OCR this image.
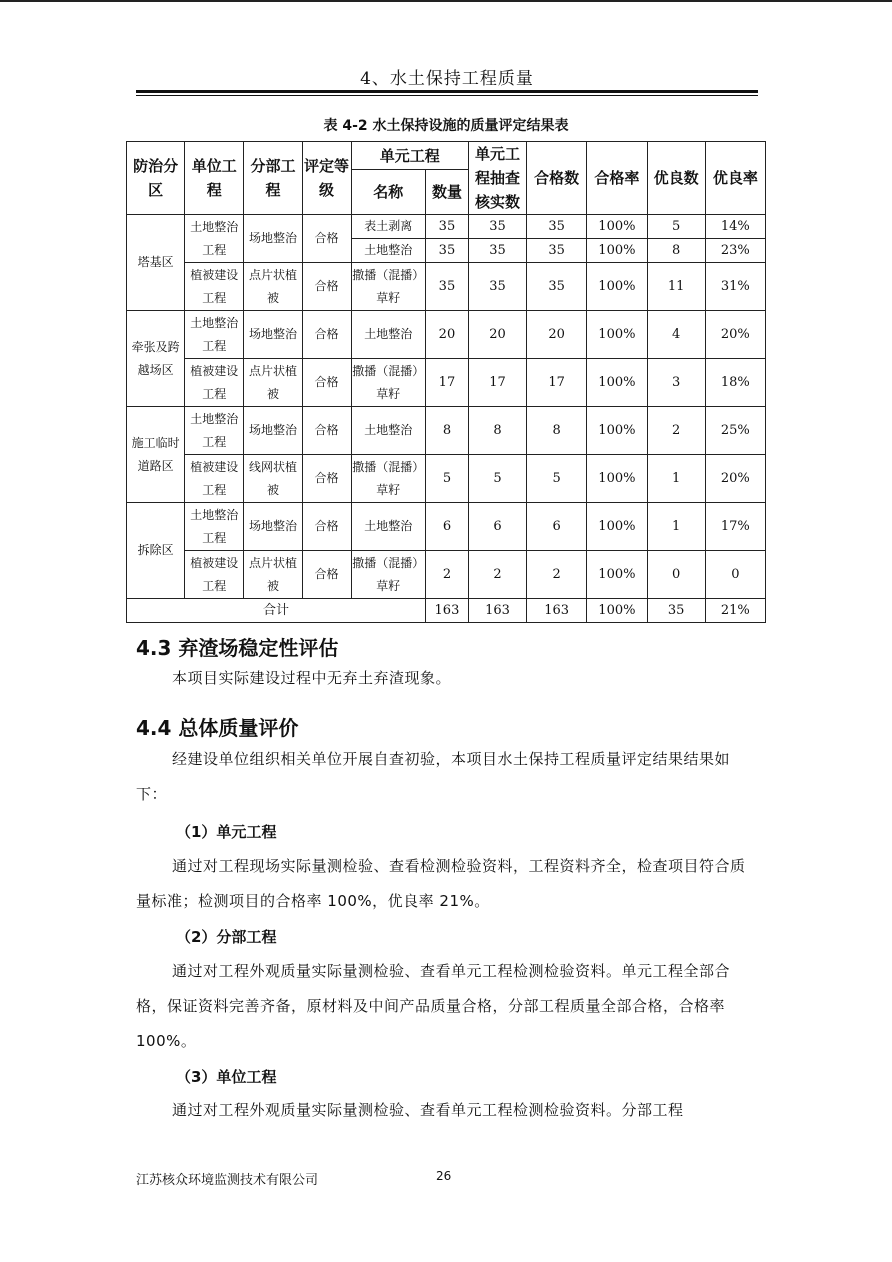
4、水土保持工程质量
表 4-2 水土保持设施的质量评定结果表
防治分区	单位工程	分部工程	评定等级	单元工程		单元工程抽查核实数	合格数	合格率	优良数	优良率
				名称	数量					
塔基区	土地整治工程	场地整治	合格	表土剥离	35	35	35	100%	5	14%
				土地整治	35	35	35	100%	8	23%
	植被建设工程	点片状植被	合格	撒播（混播）草籽	35	35	35	100%	11	31%
牵张及跨越场区	土地整治工程	场地整治	合格	土地整治	20	20	20	100%	4	20%
	植被建设工程	点片状植被	合格	撒播（混播）草籽	17	17	17	100%	3	18%
施工临时道路区	土地整治工程	场地整治	合格	土地整治	8	8	8	100%	2	25%
	植被建设工程	线网状植被	合格	撒播（混播）草籽	5	5	5	100%	1	20%
拆除区	土地整治工程	场地整治	合格	土地整治	6	6	6	100%	1	17%
	植被建设工程	点片状植被	合格	撒播（混播）草籽	2	2	2	100%	0	0
合计					163	163	163	100%	35	21%
4.3 弃渣场稳定性评估

本项目实际建设过程中无弃土弃渣现象。

4.4 总体质量评价

经建设单位组织相关单位开展自查初验，本项目水土保持工程质量评定结果结果如下：

（1）单元工程

通过对工程现场实际量测检验、查看检测检验资料，工程资料齐全，检查项目符合质量标准；检测项目的合格率 100%，优良率 21%。

（2）分部工程

通过对工程外观质量实际量测检验、查看单元工程检测检验资料。单元工程全部合格，保证资料完善齐备，原材料及中间产品质量合格，分部工程质量全部合格，合格率 100%。

（3）单位工程

通过对工程外观质量实际量测检验、查看单元工程检测检验资料。分部工程

江苏核众环境监测技术有限公司	26
